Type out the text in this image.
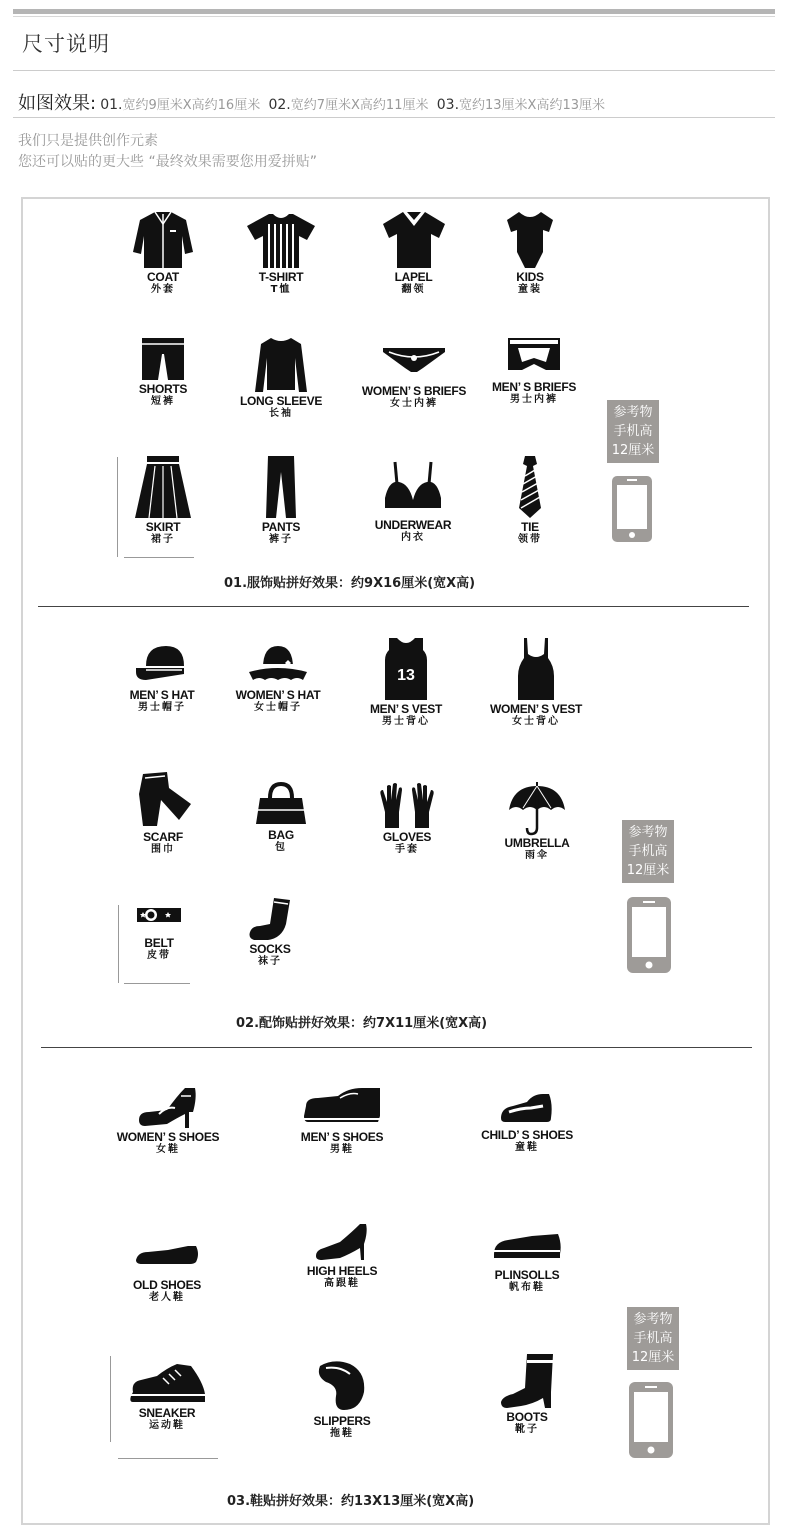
尺寸说明
如图效果: 01.宽约9厘米X高约16厘米 02.宽约7厘米X高约11厘米 03.宽约13厘米X高约13厘米
我们只是提供创作元素
您还可以贴的更大些 “最终效果需要您用爱拼贴”
COAT
外套
T-SHIRT
T恤
LAPEL
翻领
KIDS
童装
SHORTS
短裤	LONG SLEEVE
长袖
WOMEN’ S BRIEFS
女士内裤
MEN’ S BRIEFS
男士内裤
SKIRT
裙子
PANTS
裤子
UNDERWEAR
内衣
TIE
领带
参考物
手机高
12厘米
01.服饰贴拼好效果：约9X16厘米(宽X高)
MEN’ S HAT
男士帽子
WOMEN’ S HAT
女士帽子
13
MEN’ S VEST
男士背心
WOMEN’ S VEST
女士背心
SCARF
围巾
BAG
包
GLOVES
手套	UMBRELLA
雨伞
BELT
皮带	SOCKS
袜子
参考物
手机高
12厘米
02.配饰贴拼好效果：约7X11厘米(宽X高)
WOMEN’ S SHOES
女鞋
MEN’ S SHOES
男鞋
CHILD’ S SHOES
童鞋
OLD SHOES
老人鞋
HIGH HEELS
高跟鞋
PLINSOLLS
帆布鞋
SNEAKER
运动鞋	SLIPPERS
拖鞋
BOOTS
靴子
参考物
手机高
12厘米
03.鞋贴拼好效果：约13X13厘米(宽X高)
